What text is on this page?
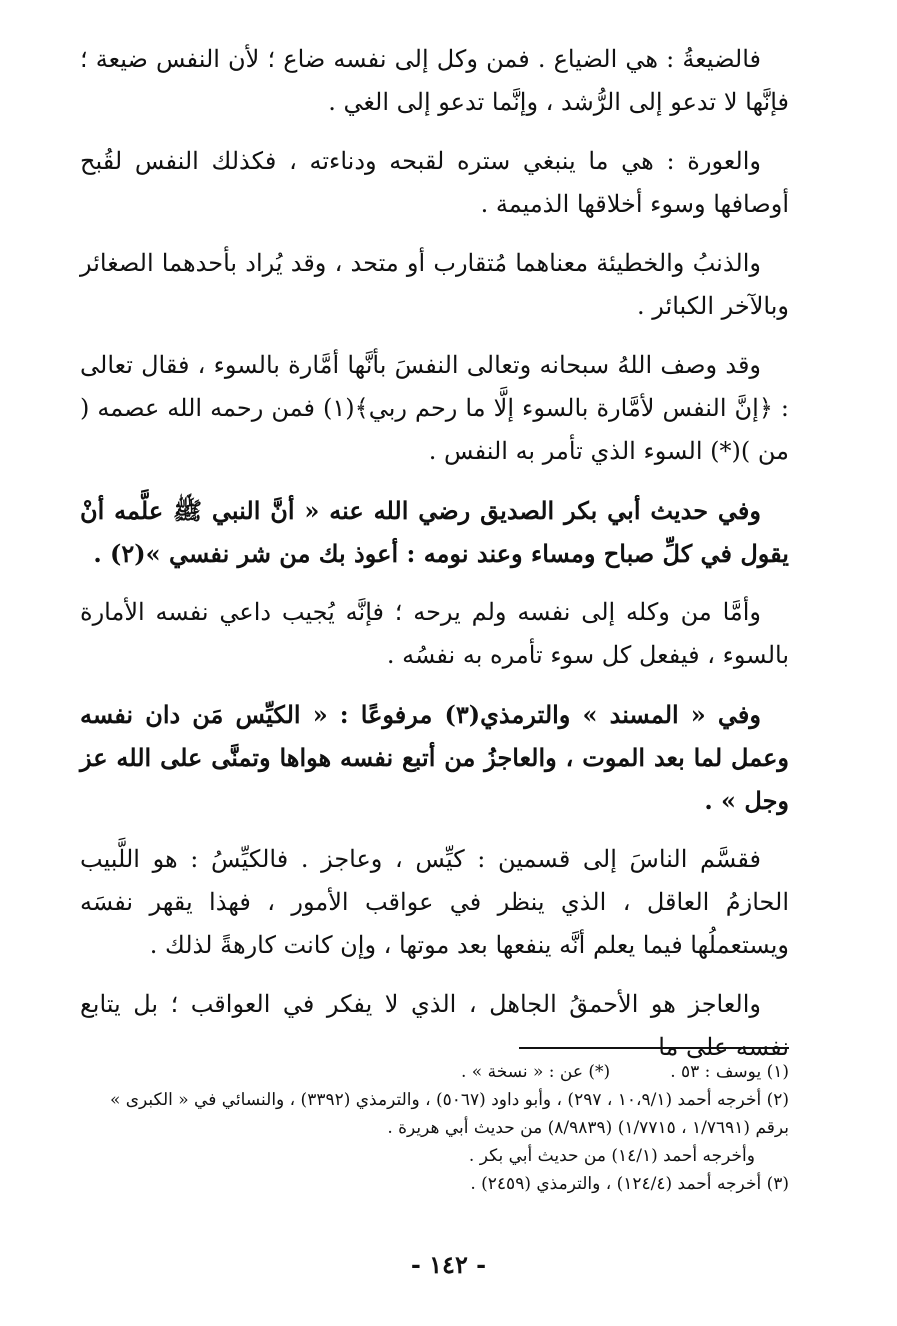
فالضيعةُ : هي الضياع . فمن وكل إلى نفسه ضاع ؛ لأن النفس ضيعة ؛ فإنَّها لا تدعو إلى الرُّشد ، وإنَّما تدعو إلى الغي .

والعورة : هي ما ينبغي ستره لقبحه ودناءته ، فكذلك النفس لقُبح أوصافها وسوء أخلاقها الذميمة .

والذنبُ والخطيئة معناهما مُتقارب أو متحد ، وقد يُراد بأحدهما الصغائر وبالآخر الكبائر .

وقد وصف اللهُ سبحانه وتعالى النفسَ بأنَّها أمَّارة بالسوء ، فقال تعالى : ﴿إنَّ النفس لأمَّارة بالسوء إلَّا ما رحم ربي﴾(١) فمن رحمه الله عصمه ( من )(*) السوء الذي تأمر به النفس .

وفي حديث أبي بكر الصديق رضي الله عنه « أنَّ النبي ﷺ علَّمه أنْ يقول في كلِّ صباح ومساء وعند نومه : أعوذ بك من شر نفسي »(٢) .

وأمَّا من وكله إلى نفسه ولم يرحه ؛ فإنَّه يُجيب داعي نفسه الأمارة بالسوء ، فيفعل كل سوء تأمره به نفسُه .

وفي « المسند » والترمذي(٣) مرفوعًا : « الكيِّس مَن دان نفسه وعمل لما بعد الموت ، والعاجزُ من أتبع نفسه هواها وتمنَّى على الله عز وجل » .

فقسَّم الناسَ إلى قسمين : كيِّس ، وعاجز . فالكيِّسُ : هو اللَّبيب الحازمُ العاقل ، الذي ينظر في عواقب الأمور ، فهذا يقهر نفسَه ويستعملُها فيما يعلم أنَّه ينفعها بعد موتها ، وإن كانت كارهةً لذلك .

والعاجز هو الأحمقُ الجاهل ، الذي لا يفكر في العواقب ؛ بل يتابع نفسه على ما

(١) يوسف : ٥٣ .

(*) عن : « نسخة » .

(٢) أخرجه أحمد (١٠،٩/١ ، ٢٩٧) ، وأبو داود (٥٠٦٧) ، والترمذي (٣٣٩٢) ، والنسائي في « الكبرى » برقم (١/٧٦٩١ ، ١/٧٧١٥) (٨/٩٨٣٩) من حديث أبي هريرة .

وأخرجه أحمد (١٤/١) من حديث أبي بكر .

(٣) أخرجه أحمد (١٢٤/٤) ، والترمذي (٢٤٥٩) .

- ١٤٢ -
